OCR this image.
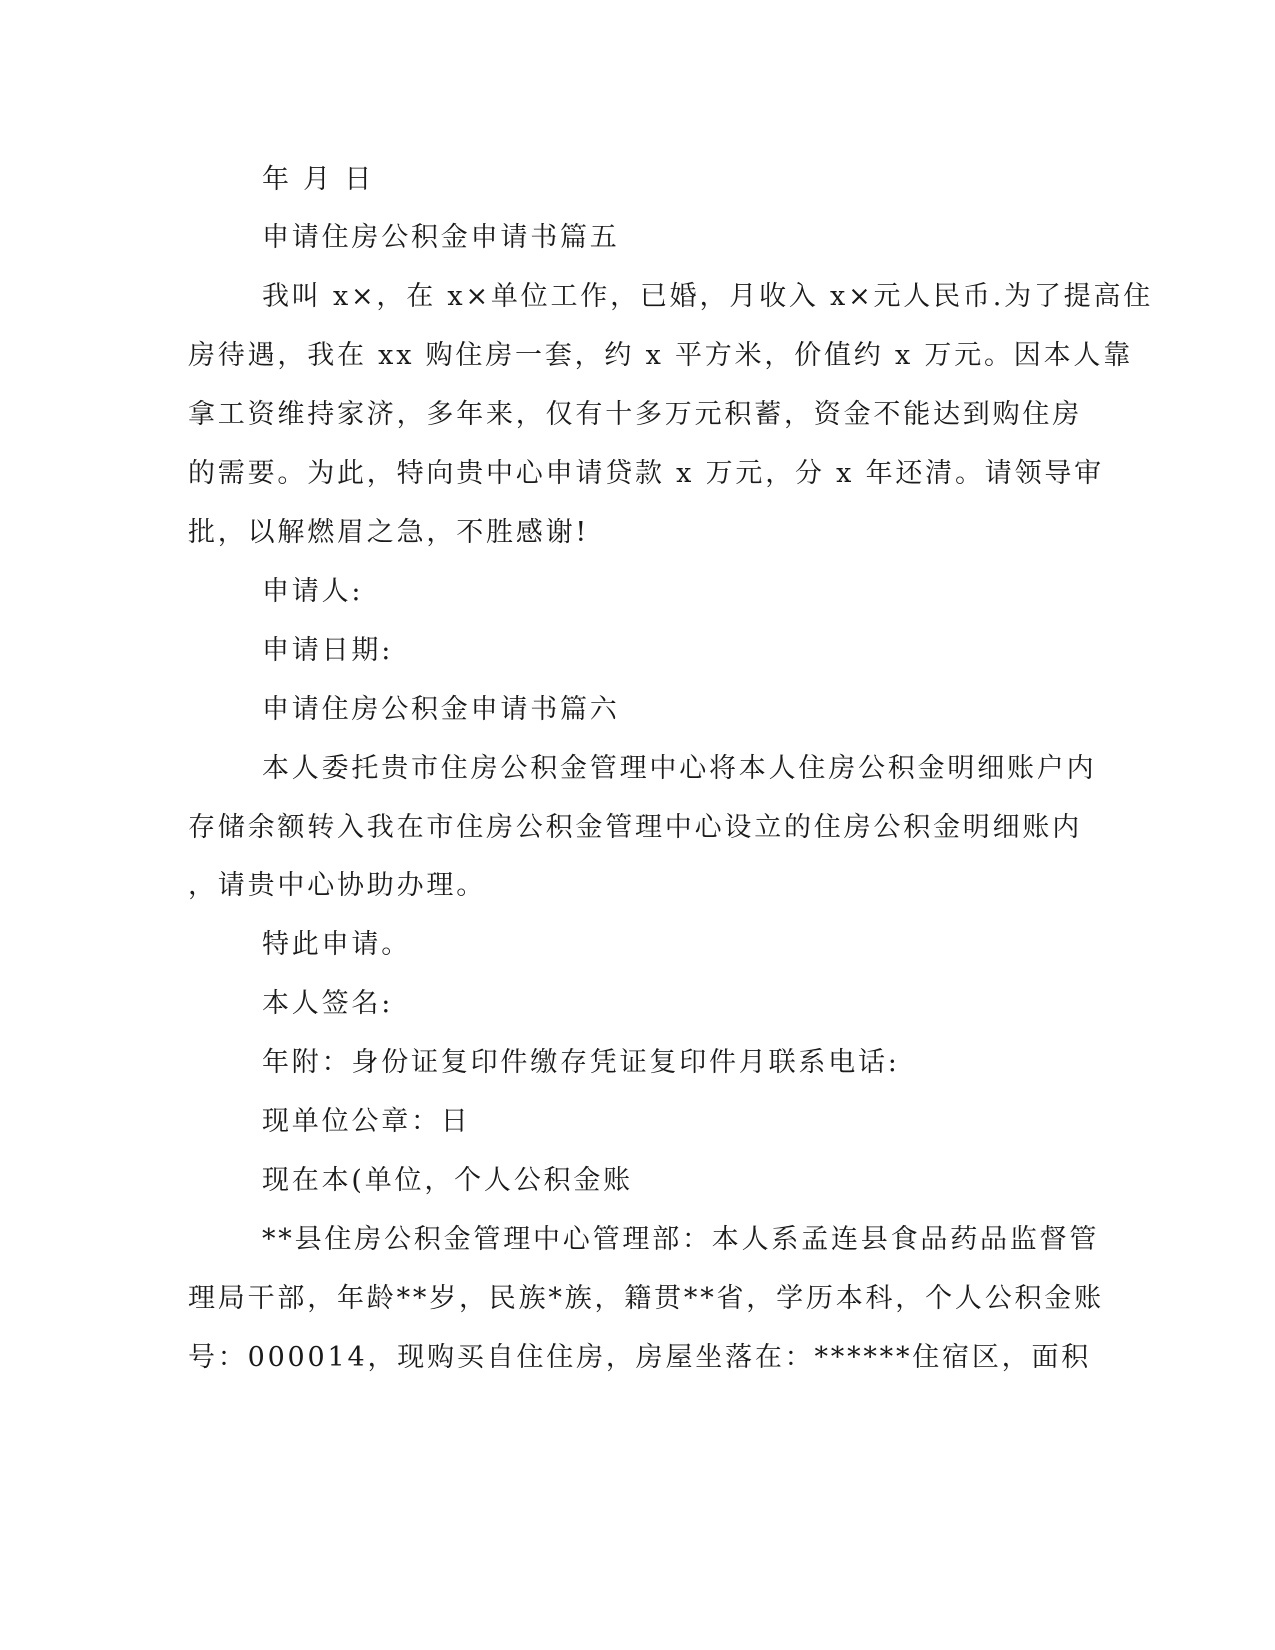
年 月 日
申请住房公积金申请书篇五
我叫 x×，在 x×单位工作，已婚，月收入 x×元人民币.为了提高住
房待遇，我在 xx 购住房一套，约 x 平方米，价值约 x 万元。因本人靠
拿工资维持家济，多年来，仅有十多万元积蓄，资金不能达到购住房
的需要。为此，特向贵中心申请贷款 x 万元，分 x 年还清。请领导审
批，以解燃眉之急，不胜感谢!
申请人:
申请日期:
申请住房公积金申请书篇六
本人委托贵市住房公积金管理中心将本人住房公积金明细账户内
存储余额转入我在市住房公积金管理中心设立的住房公积金明细账内
，请贵中心协助办理。
特此申请。
本人签名:
年附：身份证复印件缴存凭证复印件月联系电话:
现单位公章：日
现在本(单位，个人公积金账
**县住房公积金管理中心管理部：本人系孟连县食品药品监督管
理局干部，年龄**岁，民族*族，籍贯**省，学历本科，个人公积金账
号：000014，现购买自住住房，房屋坐落在：******住宿区，面积
